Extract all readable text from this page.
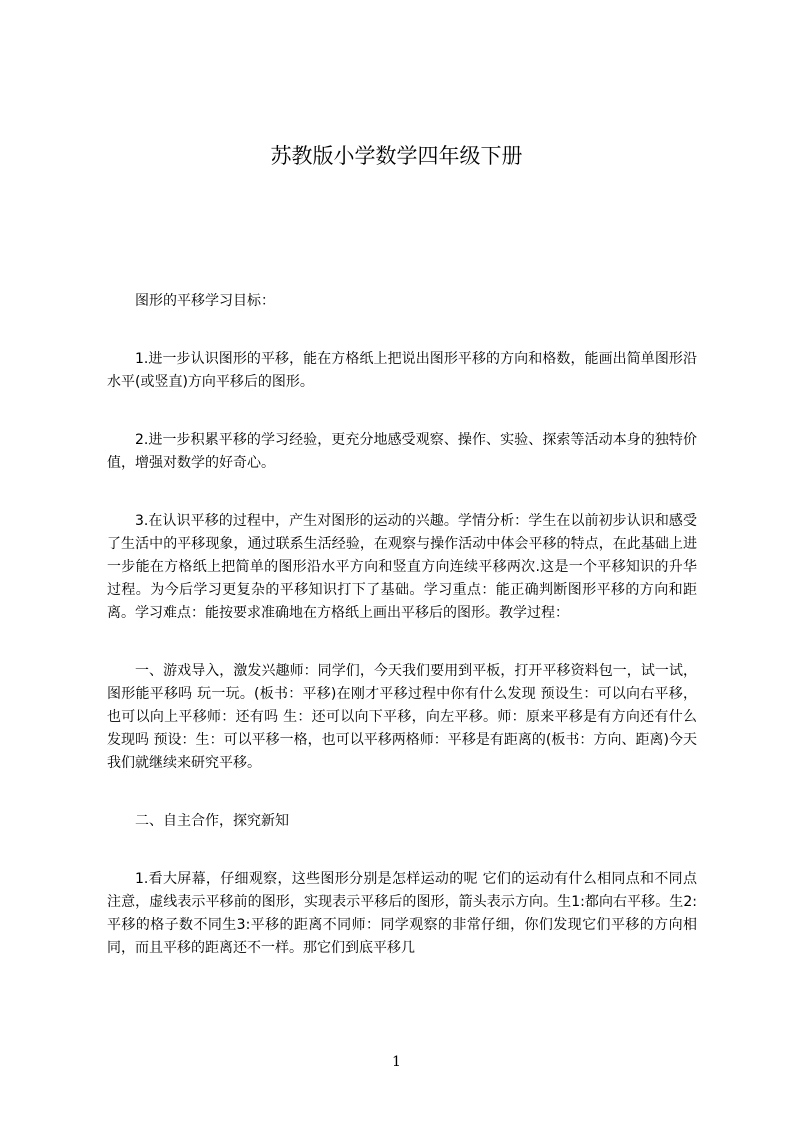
苏教版小学数学四年级下册

图形的平移学习目标：

1.进一步认识图形的平移，能在方格纸上把说出图形平移的方向和格数，能画出简单图形沿水平(或竖直)方向平移后的图形。

2.进一步积累平移的学习经验，更充分地感受观察、操作、实验、探索等活动本身的独特价值，增强对数学的好奇心。

3.在认识平移的过程中，产生对图形的运动的兴趣。学情分析：学生在以前初步认识和感受了生活中的平移现象，通过联系生活经验，在观察与操作活动中体会平移的特点，在此基础上进一步能在方格纸上把简单的图形沿水平方向和竖直方向连续平移两次.这是一个平移知识的升华过程。为今后学习更复杂的平移知识打下了基础。学习重点：能正确判断图形平移的方向和距离。学习难点：能按要求准确地在方格纸上画出平移后的图形。教学过程：

一、游戏导入，激发兴趣师：同学们，今天我们要用到平板，打开平移资料包一，试一试，图形能平移吗 玩一玩。(板书：平移)在刚才平移过程中你有什么发现 预设生：可以向右平移，也可以向上平移师：还有吗 生：还可以向下平移，向左平移。师：原来平移是有方向还有什么发现吗 预设：生：可以平移一格，也可以平移两格师：平移是有距离的(板书：方向、距离)今天我们就继续来研究平移。

二、自主合作，探究新知

1.看大屏幕，仔细观察，这些图形分别是怎样运动的呢 它们的运动有什么相同点和不同点 注意，虚线表示平移前的图形，实现表示平移后的图形，箭头表示方向。生1:都向右平移。生2:平移的格子数不同生3:平移的距离不同师：同学观察的非常仔细，你们发现它们平移的方向相同，而且平移的距离还不一样。那它们到底平移几

1
